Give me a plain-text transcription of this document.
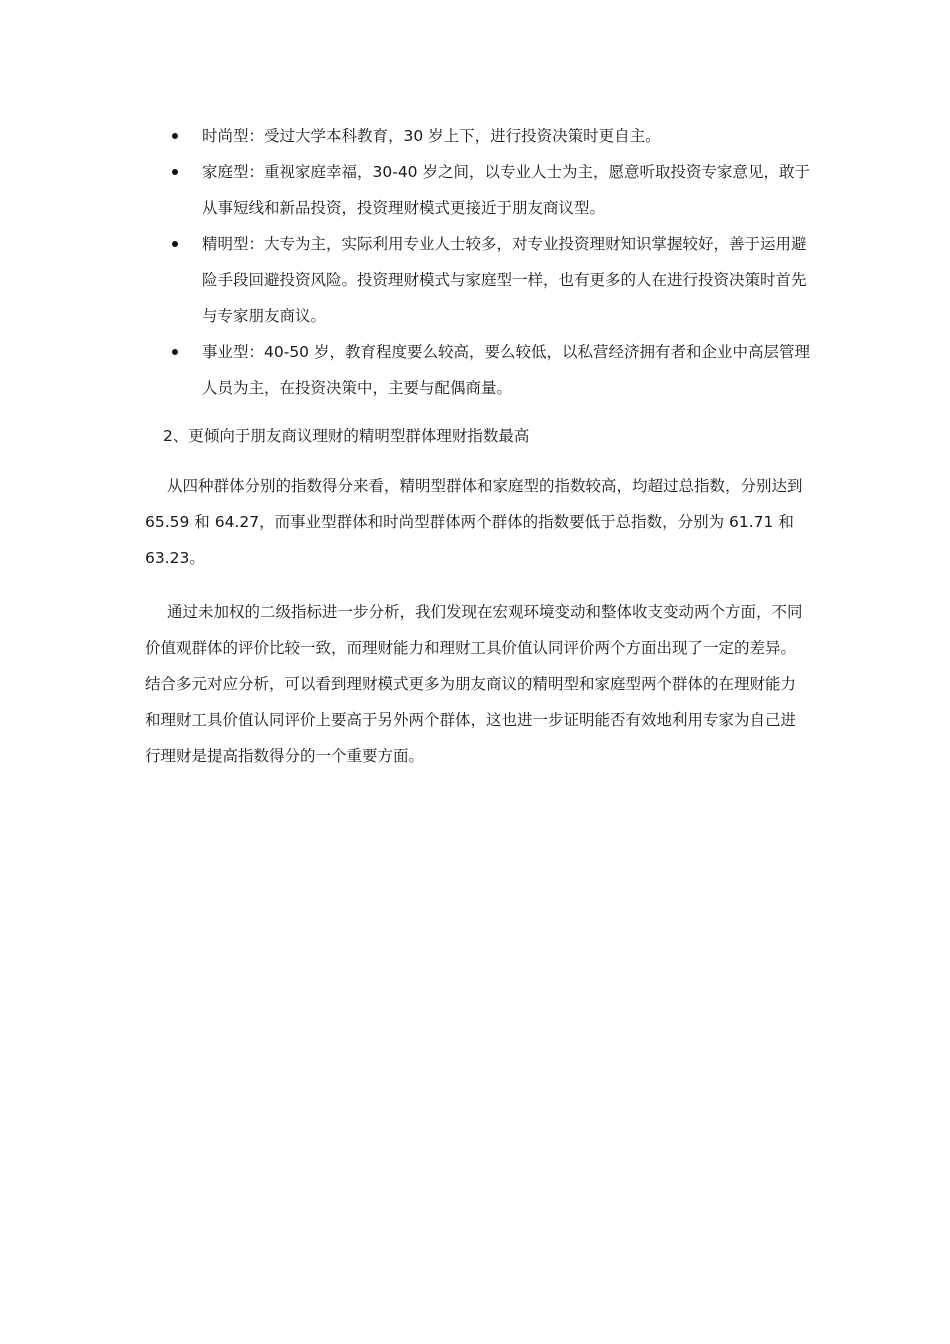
时尚型：受过大学本科教育，30 岁上下，进行投资决策时更自主。
家庭型：重视家庭幸福，30-40 岁之间，以专业人士为主，愿意听取投资专家意见，敢于从事短线和新品投资，投资理财模式更接近于朋友商议型。
精明型：大专为主，实际利用专业人士较多，对专业投资理财知识掌握较好，善于运用避险手段回避投资风险。投资理财模式与家庭型一样，也有更多的人在进行投资决策时首先与专家朋友商议。
事业型：40-50 岁，教育程度要么较高，要么较低，以私营经济拥有者和企业中高层管理人员为主，在投资决策中，主要与配偶商量。
2、更倾向于朋友商议理财的精明型群体理财指数最高

从四种群体分别的指数得分来看，精明型群体和家庭型的指数较高，均超过总指数，分别达到 65.59 和 64.27，而事业型群体和时尚型群体两个群体的指数要低于总指数，分别为 61.71 和 63.23。

通过未加权的二级指标进一步分析，我们发现在宏观环境变动和整体收支变动两个方面，不同价值观群体的评价比较一致，而理财能力和理财工具价值认同评价两个方面出现了一定的差异。结合多元对应分析，可以看到理财模式更多为朋友商议的精明型和家庭型两个群体的在理财能力和理财工具价值认同评价上要高于另外两个群体，这也进一步证明能否有效地利用专家为自己进行理财是提高指数得分的一个重要方面。
